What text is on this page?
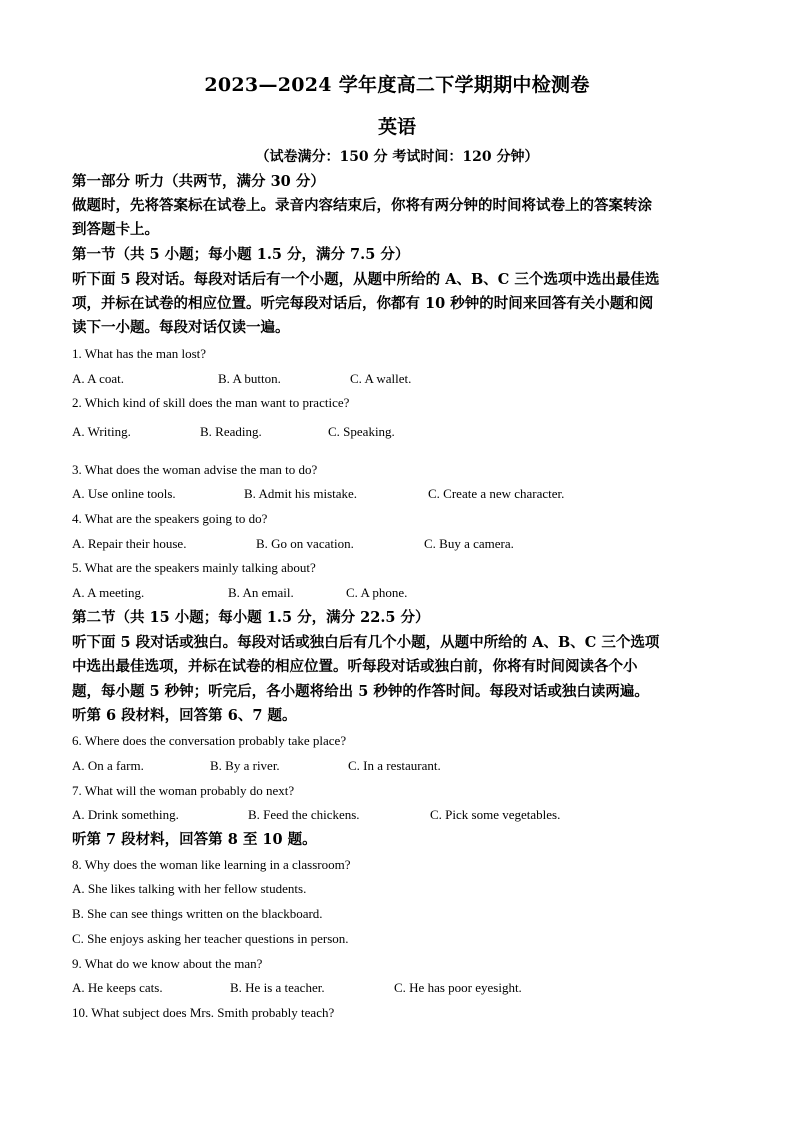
2023—2024 学年度高二下学期期中检测卷
英语
（试卷满分：150 分 考试时间：120 分钟）
第一部分 听力（共两节，满分 30 分）
做题时，先将答案标在试卷上。录音内容结束后，你将有两分钟的时间将试卷上的答案转涂
到答题卡上。
第一节（共 5 小题；每小题 1.5 分，满分 7.5 分）
听下面 5 段对话。每段对话后有一个小题，从题中所给的 A、B、C 三个选项中选出最佳选
项，并标在试卷的相应位置。听完每段对话后，你都有 10 秒钟的时间来回答有关小题和阅
读下一小题。每段对话仅读一遍。
1. What has the man lost?
A. A coat.	B. A button.	C. A wallet.
2. Which kind of skill does the man want to practice?
A. Writing.	B. Reading.	C. Speaking.
3. What does the woman advise the man to do?
A. Use online tools.	B. Admit his mistake.	C. Create a new character.
4. What are the speakers going to do?
A. Repair their house.	B. Go on vacation.	C. Buy a camera.
5. What are the speakers mainly talking about?
A. A meeting.	B. An email.	C. A phone.
第二节（共 15 小题；每小题 1.5 分，满分 22.5 分）
听下面 5 段对话或独白。每段对话或独白后有几个小题，从题中所给的 A、B、C 三个选项
中选出最佳选项，并标在试卷的相应位置。听每段对话或独白前，你将有时间阅读各个小
题，每小题 5 秒钟；听完后，各小题将给出 5 秒钟的作答时间。每段对话或独白读两遍。
听第 6 段材料，回答第 6、7 题。
6. Where does the conversation probably take place?
A. On a farm.	B. By a river.	C. In a restaurant.
7. What will the woman probably do next?
A. Drink something.	B. Feed the chickens.	C. Pick some vegetables.
听第 7 段材料，回答第 8 至 10 题。
8. Why does the woman like learning in a classroom?
A. She likes talking with her fellow students.
B. She can see things written on the blackboard.
C. She enjoys asking her teacher questions in person.
9. What do we know about the man?
A. He keeps cats.	B. He is a teacher.	C. He has poor eyesight.
10. What subject does Mrs. Smith probably teach?
